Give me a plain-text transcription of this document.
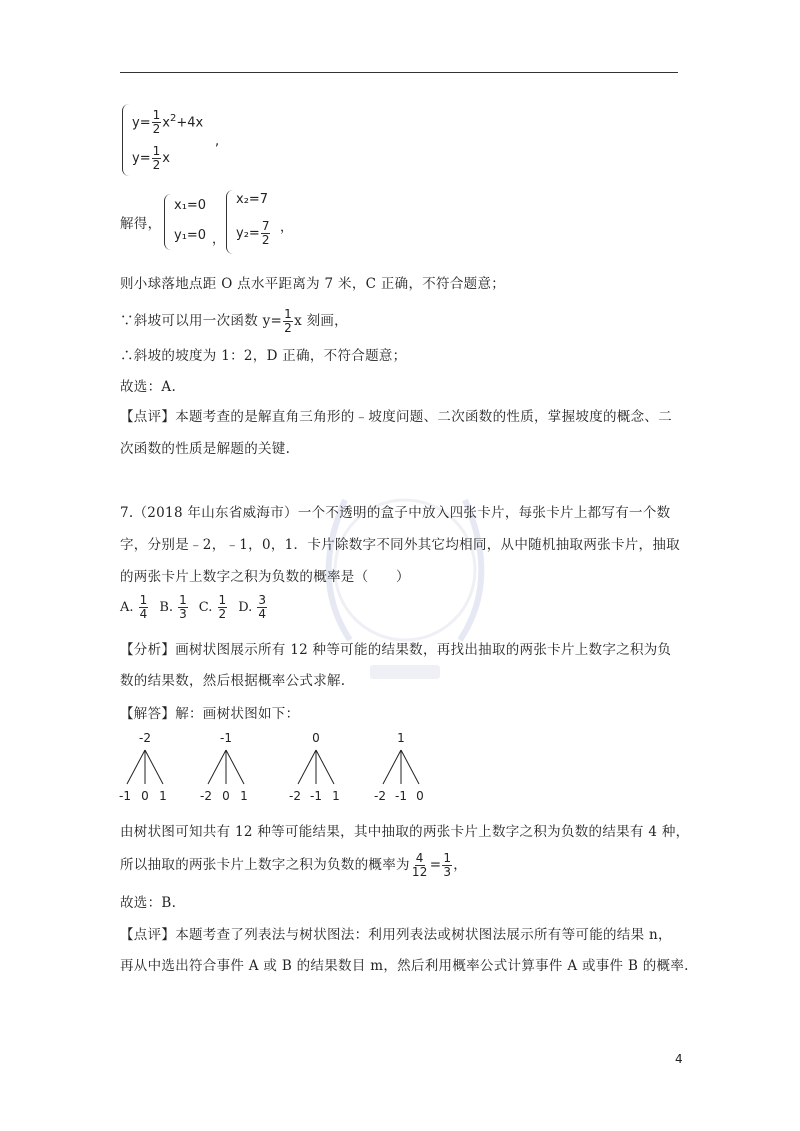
$y= \frac{1}{2} x^2+4x$
$y= \frac{1}{2}$ x
,
解得，
x₁=0
y₁=0 ，
x₂=7
$y_2= \frac{7}{2}$ ，
则小球落地点距 O 点水平距离为 7 米，C 正确，不符合题意；
∵斜坡可以用一次函数 $y= \frac{1}{2}$ x 刻画，
∴斜坡的坡度为 1：2，D 正确，不符合题意；
故选：A.
【点评】本题考查的是解直角三角形的﹣坡度问题、二次函数的性质，掌握坡度的概念、二
次函数的性质是解题的关键.
7.（2018 年山东省威海市）一个不透明的盒子中放入四张卡片，每张卡片上都写有一个数
字，分别是﹣2，﹣1，0，1．卡片除数字不同外其它均相同，从中随机抽取两张卡片，抽取
的两张卡片上数字之积为负数的概率是（　　）
A. $\frac{1}{4} B$. $\frac{1}{3} C$. $\frac{1}{2} D$. $\frac{3}{4}$
【分析】画树状图展示所有 12 种等可能的结果数，再找出抽取的两张卡片上数字之积为负
数的结果数，然后根据概率公式求解.
【解答】解：画树状图如下：
-2
-1 0 1
-1
-2 0 1
0
-2 -1 1
1
-2 -1 0
由树状图可知共有 12 种等可能结果，其中抽取的两张卡片上数字之积为负数的结果有 4 种，
所以抽取的两张卡片上数字之积为负数的概率为 $\frac{4}{12} = \frac{1}{3}$ ，
故选：B.
【点评】本题考查了列表法与树状图法：利用列表法或树状图法展示所有等可能的结果 n，
再从中选出符合事件 A 或 B 的结果数目 m，然后利用概率公式计算事件 A 或事件 B 的概率.
4
